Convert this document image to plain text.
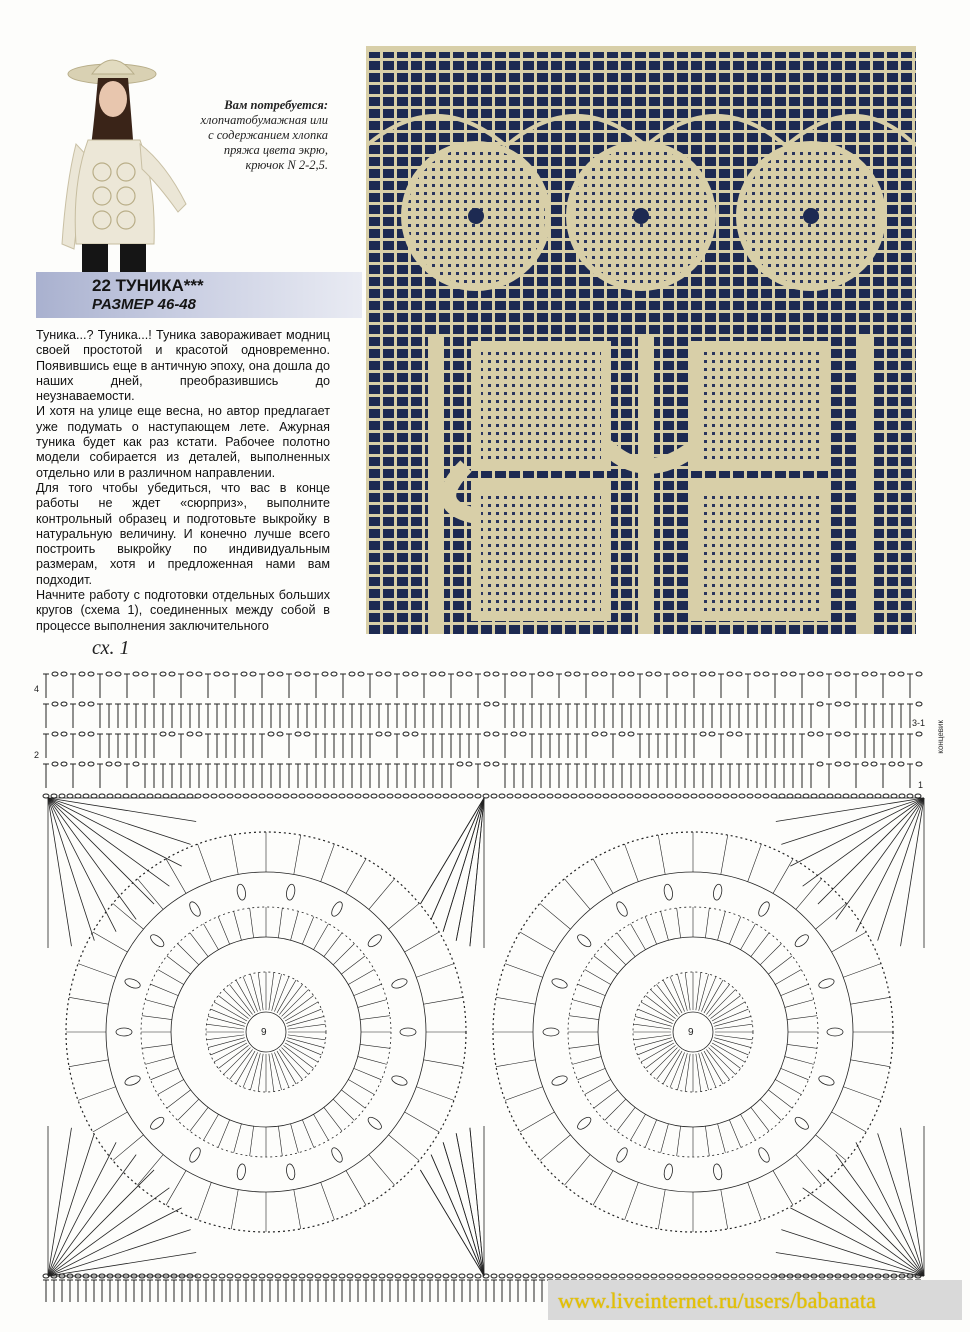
Вам потребуется:
хлопчатобумажная или
с содержанием хлопка
пряжа цвета экрю,
крючок N 2-2,5.
22 ТУНИКА***
РАЗМЕР 46-48

Туника...? Туника...! Туника завораживает модниц своей простотой и красотой одновременно. Появившись еще в античную эпоху, она дошла до наших дней, преобразившись до неузнаваемости.

И хотя на улице еще весна, но автор предлагает уже подумать о наступающем лете. Ажурная туника будет как раз кстати. Рабочее полотно модели собирается из деталей, выполненных отдельно или в различном направлении.

Для того чтобы убедиться, что вас в конце работы не ждет «сюрприз», выполните контрольный образец и подготовьте выкройку в натуральную величину. И конечно лучше всего построить выкройку по индивидуальным размерам, хотя и предложенная нами вам подходит.

Начните работу с подготовки отдельных больших кругов (схема 1), соединенных между собой в процессе выполнения заключительного

сх. 1
4
2
3-1
1
9	9
концевик
www.liveinternet.ru/users/babanata
